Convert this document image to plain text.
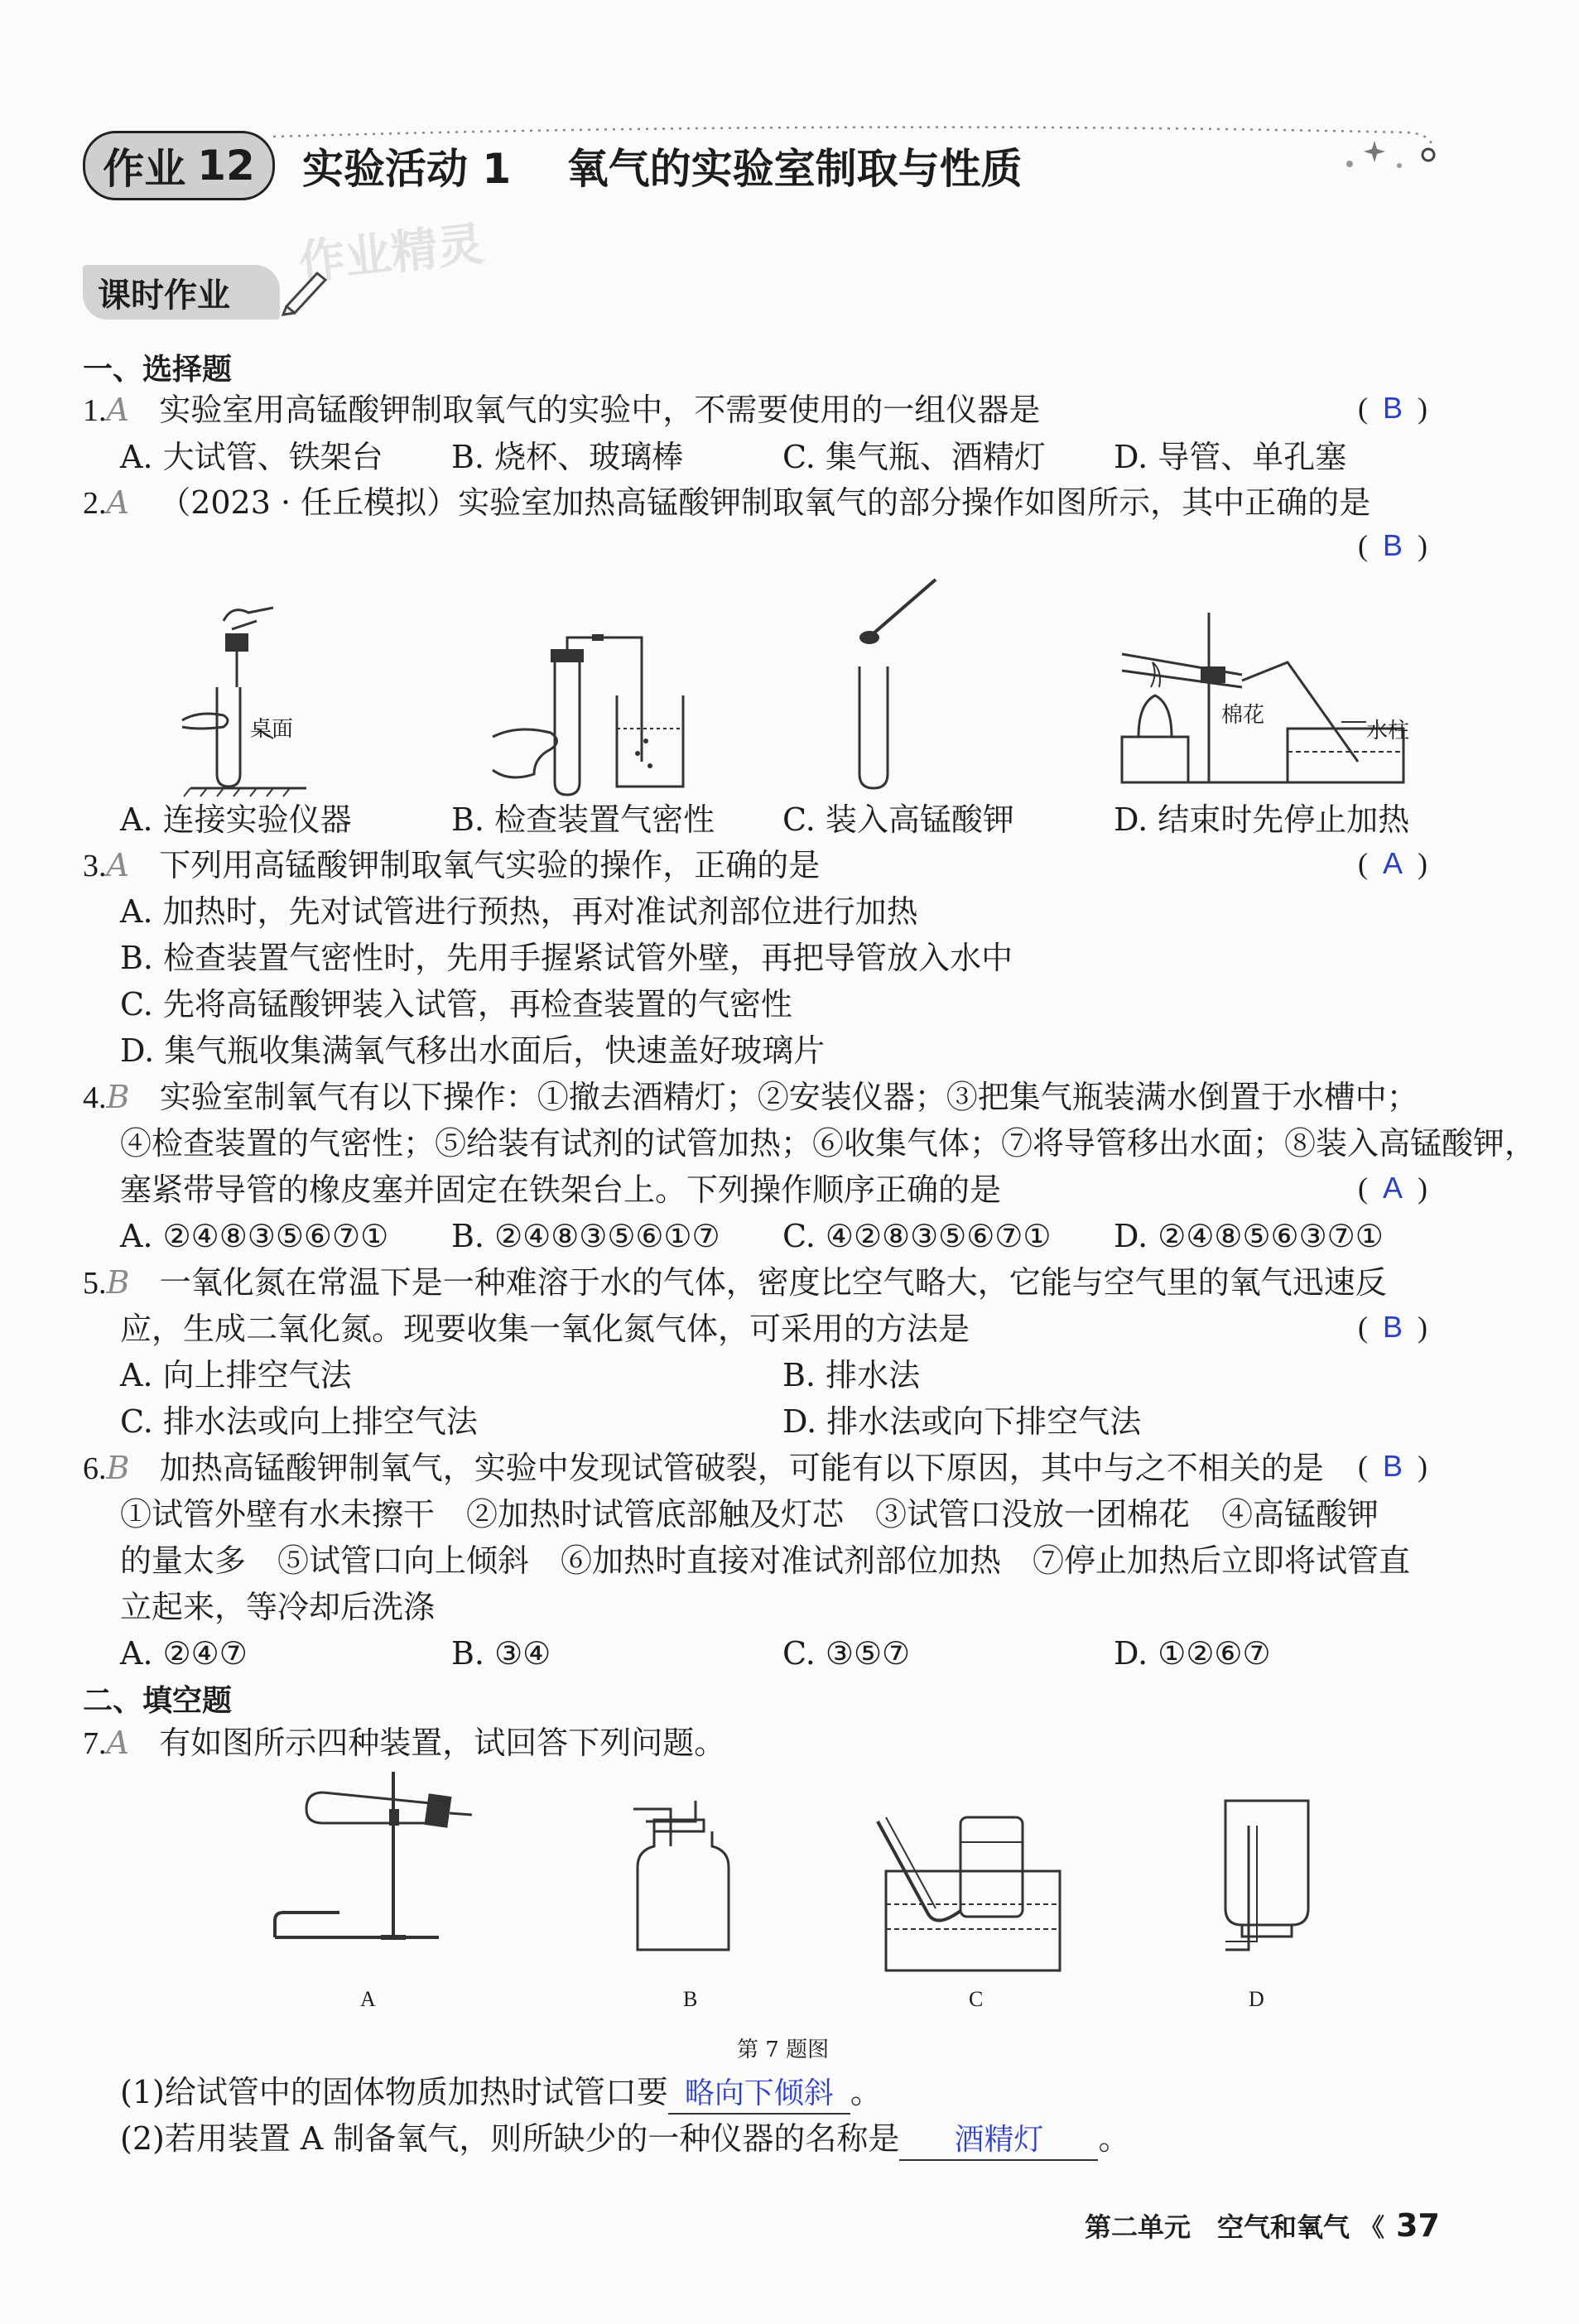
作业 12 实验活动 1　 氧气的实验室制取与性质
作业精灵
课时作业
一、选择题
1.A 实验室用高锰酸钾制取氧气的实验中，不需要使用的一组仪器是	(  B  )
A. 大试管、铁架台 B. 烧杯、玻璃棒	C. 集气瓶、酒精灯 D. 导管、单孔塞
2.A （2023 · 任丘模拟）实验室加热高锰酸钾制取氧气的部分操作如图所示，其中正确的是
(  B  )
桌面
棉花
水柱
A. 连接实验仪器	B. 检查装置气密性 C. 装入高锰酸钾	D. 结束时先停止加热
3.A 下列用高锰酸钾制取氧气实验的操作，正确的是	(  A  )
A. 加热时，先对试管进行预热，再对准试剂部位进行加热
B. 检查装置气密性时，先用手握紧试管外壁，再把导管放入水中
C. 先将高锰酸钾装入试管，再检查装置的气密性
D. 集气瓶收集满氧气移出水面后，快速盖好玻璃片
4.B 实验室制氧气有以下操作：①撤去酒精灯；②安装仪器；③把集气瓶装满水倒置于水槽中；
④检查装置的气密性；⑤给装有试剂的试管加热；⑥收集气体；⑦将导管移出水面；⑧装入高锰酸钾，
塞紧带导管的橡皮塞并固定在铁架台上。下列操作顺序正确的是	(  A  )
A. ②④⑧③⑤⑥⑦① B. ②④⑧③⑤⑥①⑦ C. ④②⑧③⑤⑥⑦① D. ②④⑧⑤⑥③⑦①
5.B 一氧化氮在常温下是一种难溶于水的气体，密度比空气略大，它能与空气里的氧气迅速反
应，生成二氧化氮。现要收集一氧化氮气体，可采用的方法是	(  B  )
A. 向上排空气法	B. 排水法
C. 排水法或向上排空气法	D. 排水法或向下排空气法
6.B 加热高锰酸钾制氧气，实验中发现试管破裂，可能有以下原因，其中与之不相关的是 (  B  )
①试管外壁有水未擦干　②加热时试管底部触及灯芯　③试管口没放一团棉花　④高锰酸钾
的量太多　⑤试管口向上倾斜　⑥加热时直接对准试剂部位加热　⑦停止加热后立即将试管直
立起来，等冷却后洗涤
A. ②④⑦	B. ③④	C. ③⑤⑦	D. ①②⑥⑦
二、填空题
7.A 有如图所示四种装置，试回答下列问题。
A	B	C	D
第 7 题图
(1)给试管中的固体物质加热时试管口要 略向下倾斜 。
(2)若用装置 A 制备氧气，则所缺少的一种仪器的名称是 酒精灯 。
第二单元　空气和氧气 《 37
